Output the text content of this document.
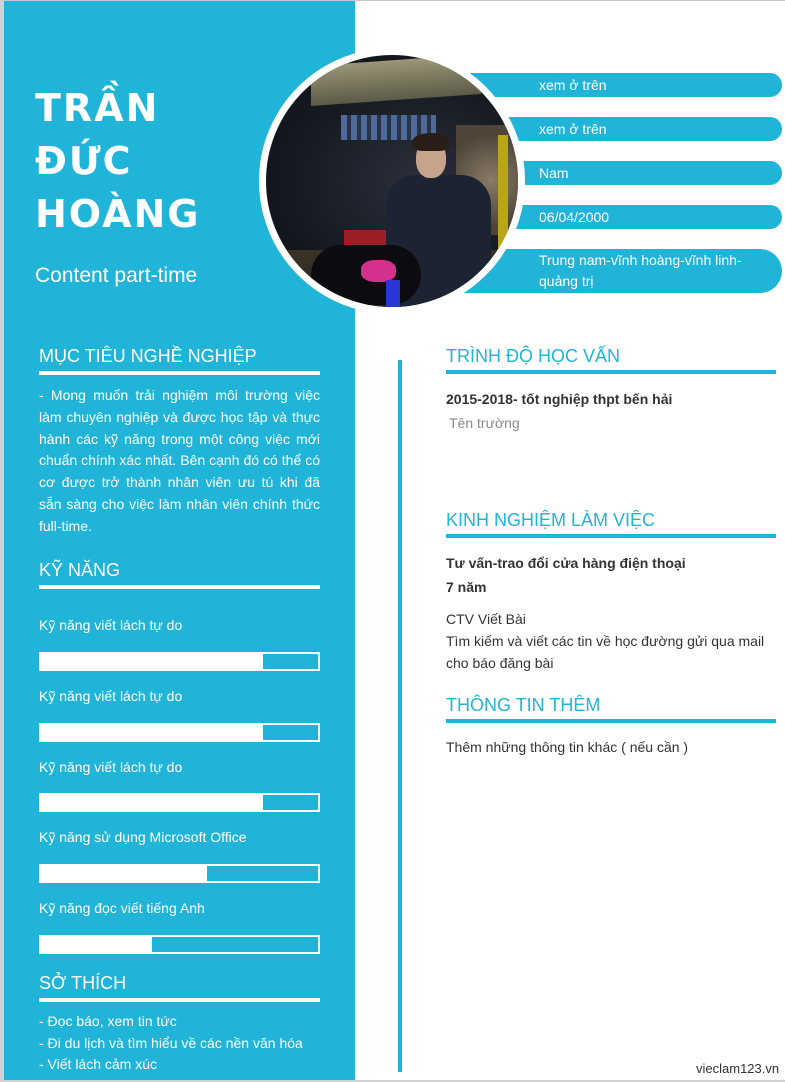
TRẦN
ĐỨC
HOÀNG
Content part-time
xem ở trên
xem ở trên
Nam
06/04/2000
Trung nam-vĩnh hoàng-vĩnh linh-quảng trị
MỤC TIÊU NGHỀ NGHIỆP
- Mong muốn trải nghiệm môi trường việc làm chuyên nghiệp và được học tập và thực hành các kỹ năng trong một công việc mới chuẩn chính xác nhất. Bên cạnh đó có thể có cơ được trở thành nhân viên ưu tú khi đã sẵn sàng cho việc làm nhân viên chính thức full-time.
KỸ NĂNG
Kỹ năng viết lách tự do
Kỹ năng viết lách tự do
Kỹ năng viết lách tự do
Kỹ năng sử dụng Microsoft Office
Kỹ năng đọc viết tiếng Anh
SỞ THÍCH
- Đọc báo, xem tin tức
- Đi du lịch và tìm hiểu về các nền văn hóa
- Viết lách cảm xúc
TRÌNH ĐỘ HỌC VẤN
2015-2018- tốt nghiệp thpt bến hải
Tên trường
KINH NGHIỆM LÀM VIỆC
Tư vấn-trao đổi cửa hàng điện thoại
7 năm
CTV Viết Bài
Tìm kiếm và viết các tin về học đường gửi qua mail cho báo đăng bài
THÔNG TIN THÊM
Thêm những thông tin khác ( nếu cần )
vieclam123.vn
